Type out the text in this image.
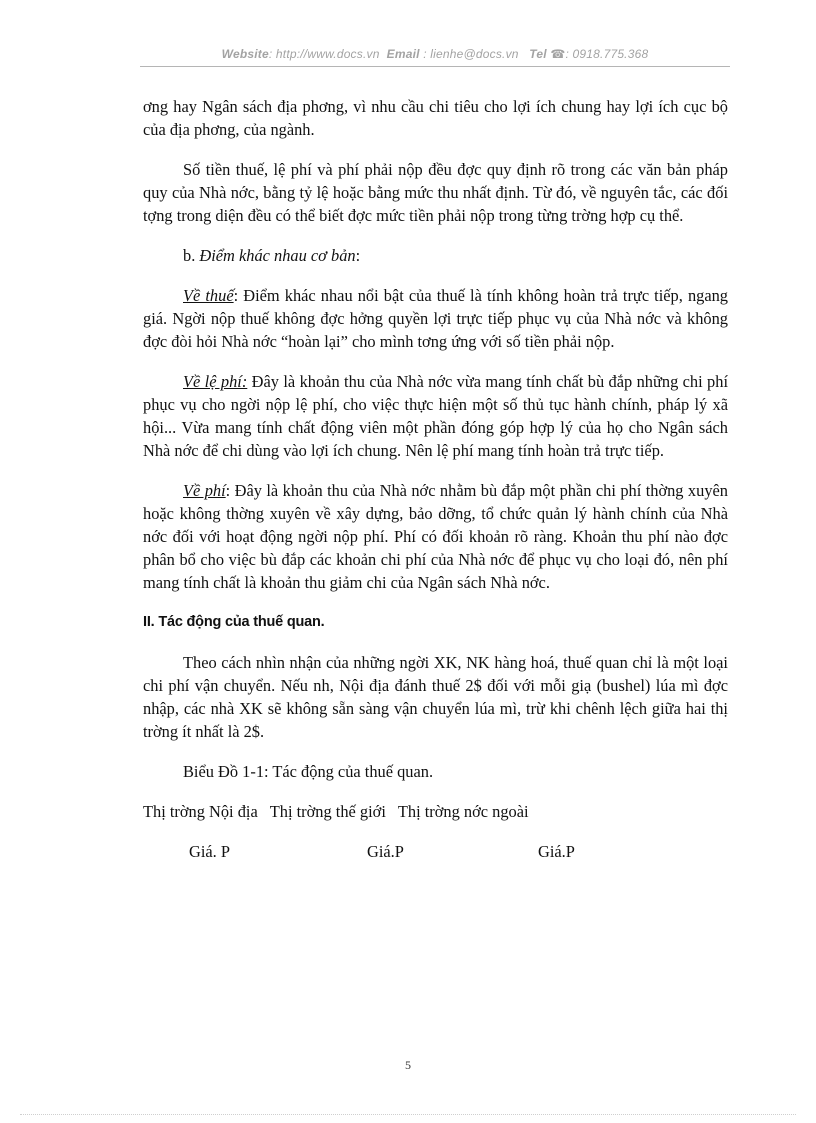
Website: http://www.docs.vn Email : lienhe@docs.vn Tel ☎: 0918.775.368

ơng hay Ngân sách địa phơng, vì nhu cầu chi tiêu cho lợi ích chung hay lợi ích cục bộ của địa phơng, của ngành.

Số tiền thuế, lệ phí và phí phải nộp đều đợc quy định rõ trong các văn bản pháp quy của Nhà nớc, bằng tỷ lệ hoặc bằng mức thu nhất định. Từ đó, về nguyên tắc, các đối tợng trong diện đều có thể biết đợc mức tiền phải nộp trong từng trờng hợp cụ thể.

b. Điểm khác nhau cơ bản:

Về thuế: Điểm khác nhau nổi bật của thuế là tính không hoàn trả trực tiếp, ngang giá. Ngời nộp thuế không đợc hởng quyền lợi trực tiếp phục vụ của Nhà nớc và không đợc đòi hỏi Nhà nớc “hoàn lại” cho mình tơng ứng với số tiền phải nộp.

Về lệ phí: Đây là khoản thu của Nhà nớc vừa mang tính chất bù đắp những chi phí phục vụ cho ngời nộp lệ phí, cho việc thực hiện một số thủ tục hành chính, pháp lý xã hội... Vừa mang tính chất động viên một phần đóng góp hợp lý của họ cho Ngân sách Nhà nớc để chi dùng vào lợi ích chung. Nên lệ phí mang tính hoàn trả trực tiếp.

Về phí: Đây là khoản thu của Nhà nớc nhằm bù đắp một phần chi phí thờng xuyên hoặc không thờng xuyên về xây dựng, bảo dỡng, tổ chức quản lý hành chính của Nhà nớc đối với hoạt động ngời nộp phí. Phí có đối khoản rõ ràng. Khoản thu phí nào đợc phân bổ cho việc bù đắp các khoản chi phí của Nhà nớc để phục vụ cho loại đó, nên phí mang tính chất là khoản thu giảm chi của Ngân sách Nhà nớc.

II. Tác động của thuế quan.

Theo cách nhìn nhận của những ngời XK, NK hàng hoá, thuế quan chỉ là một loại chi phí vận chuyển. Nếu nh, Nội địa đánh thuế 2$ đối với mỗi giạ (bushel) lúa mì đợc nhập, các nhà XK sẽ không sẵn sàng vận chuyển lúa mì, trừ khi chênh lệch giữa hai thị trờng ít nhất là 2$.

Biểu Đồ 1-1: Tác động của thuế quan.

Thị trờng Nội địa Thị trờng thế giới Thị trờng nớc ngoài
Giá. P	Giá.P	Giá.P
5
